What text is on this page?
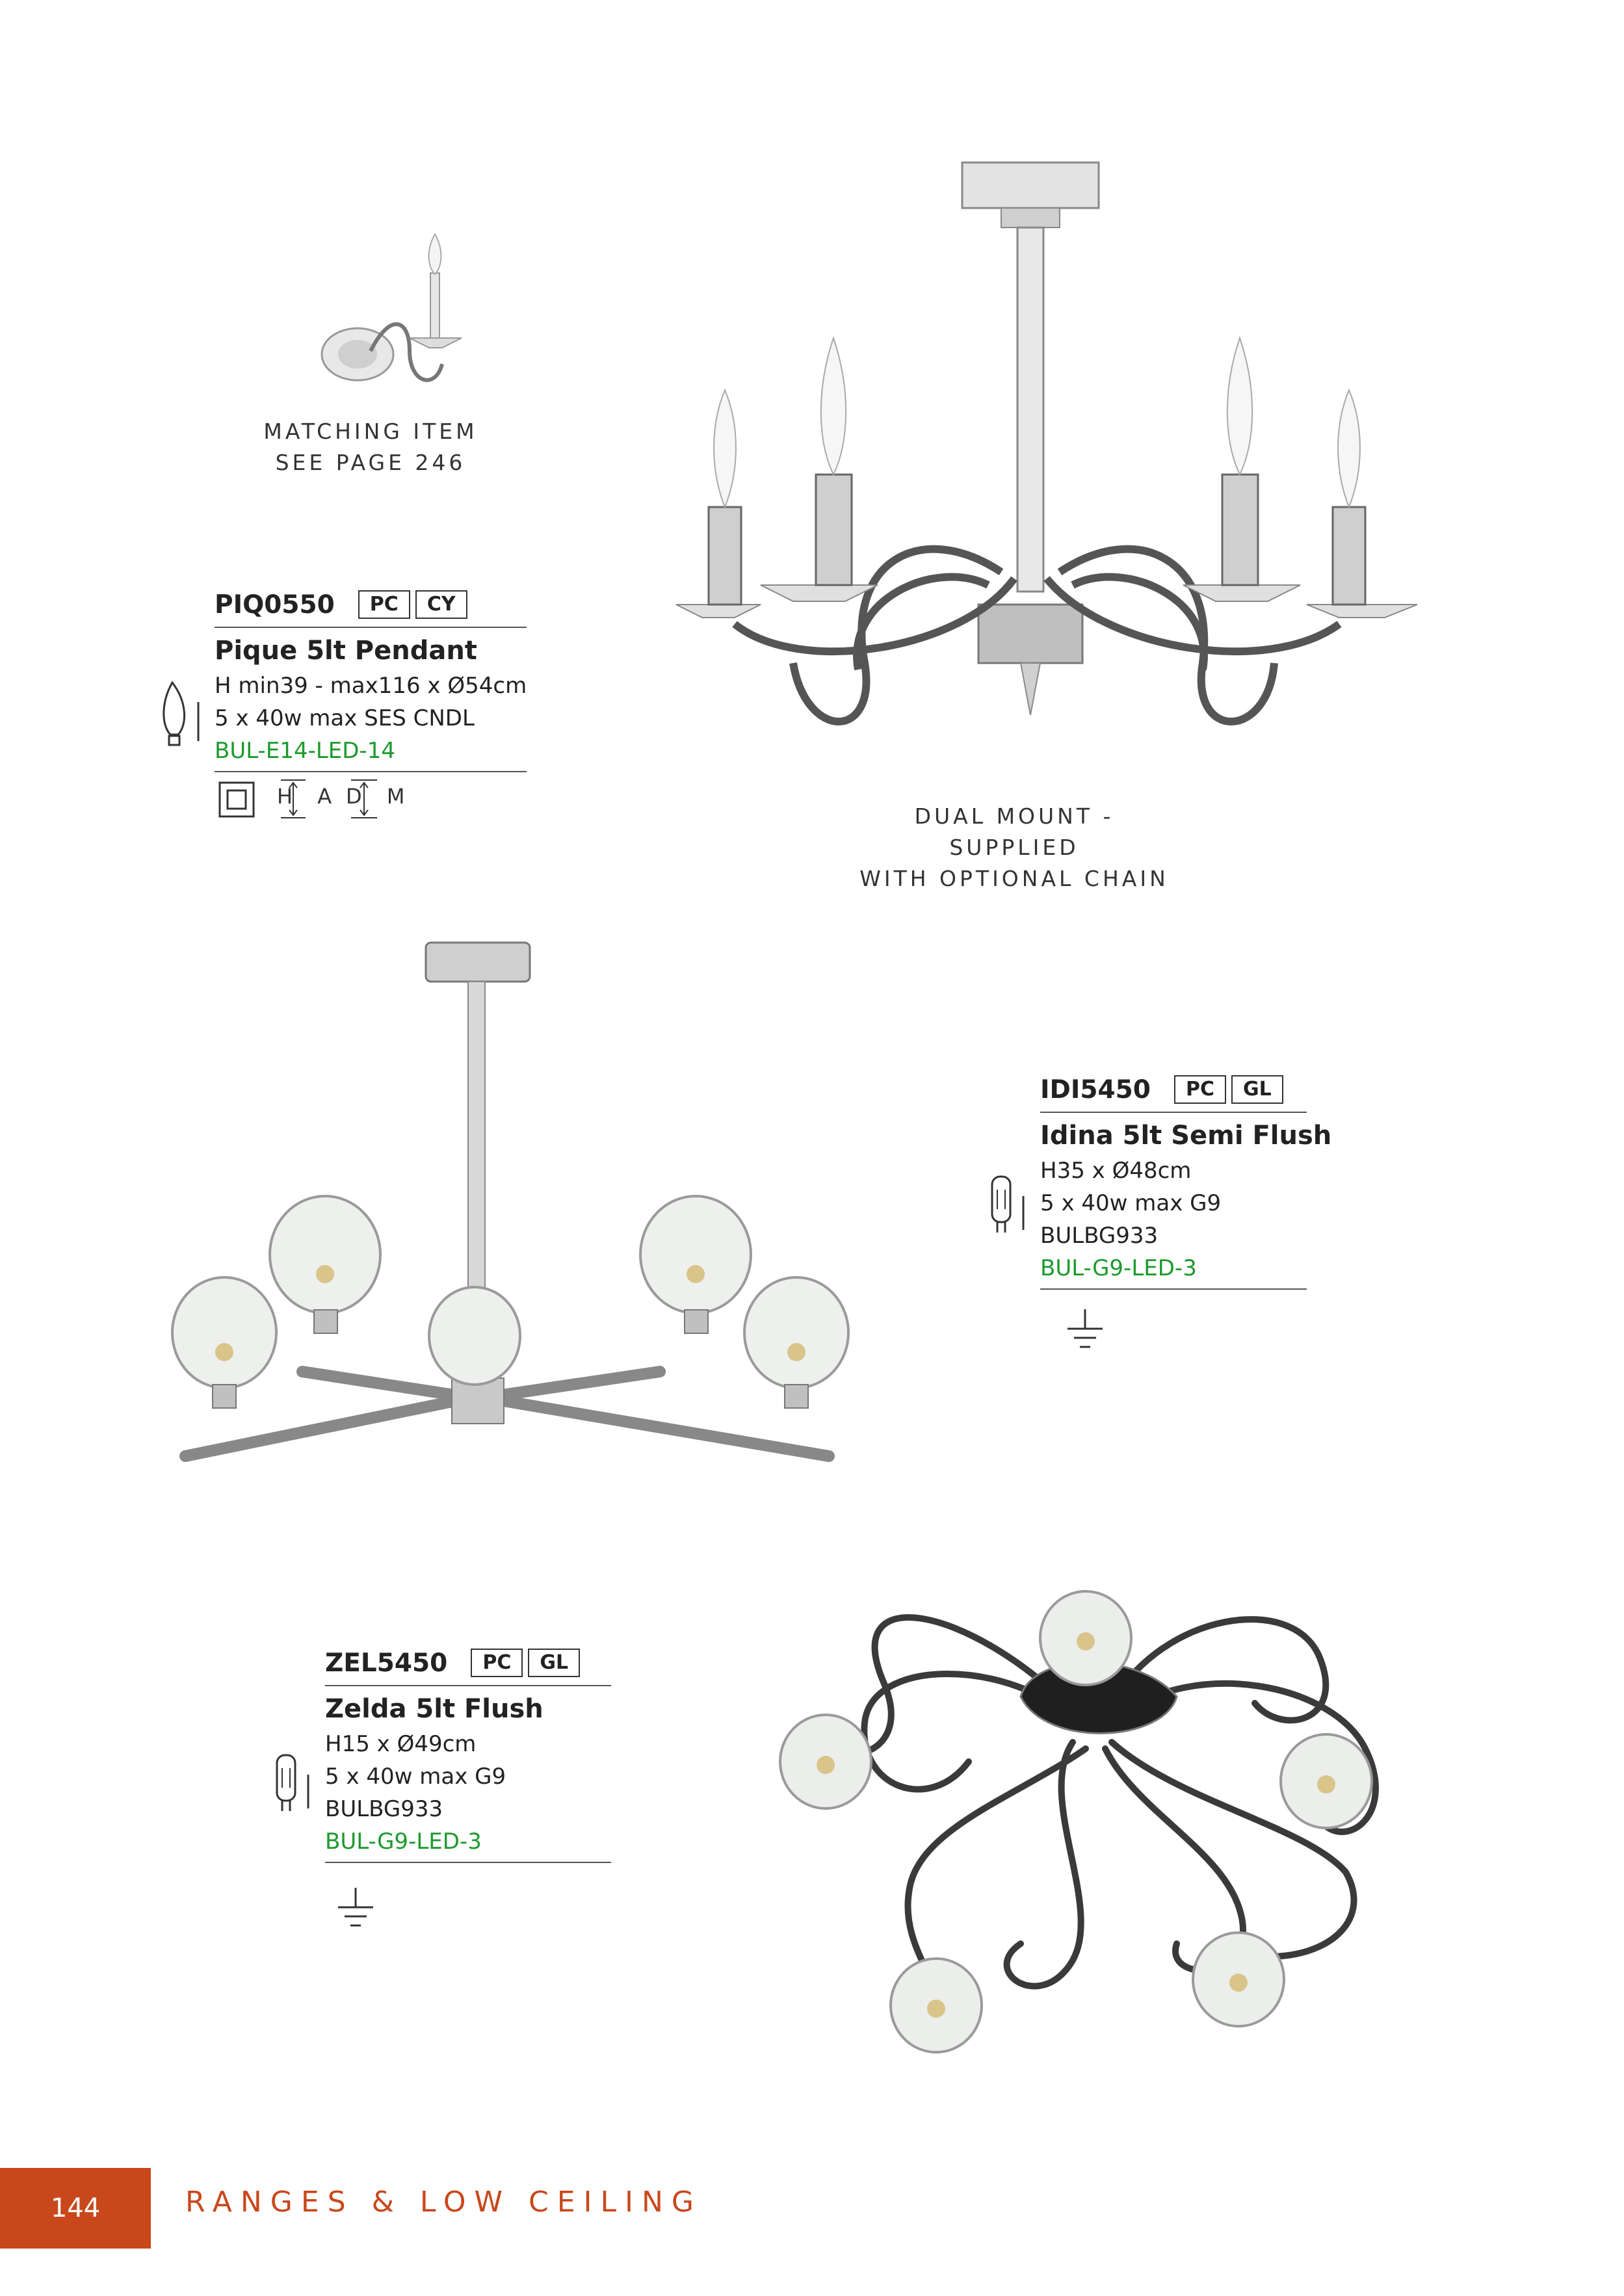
MATCHING ITEM
SEE PAGE 246
DUAL MOUNT - SUPPLIED
WITH OPTIONAL CHAIN
PIQ0550	PC	CY
Pique 5lt Pendant
H min39 - max116 x Ø54cm
5 x 40w max SES CNDL
BUL-E14-LED-14
H A D M
IDI5450	PC	GL
Idina 5lt Semi Flush
H35 x Ø48cm
5 x 40w max G9
BULBG933
BUL-G9-LED-3
ZEL5450	PC	GL
Zelda 5lt Flush
H15 x Ø49cm
5 x 40w max G9
BULBG933
BUL-G9-LED-3
144	RANGES & LOW CEILING
